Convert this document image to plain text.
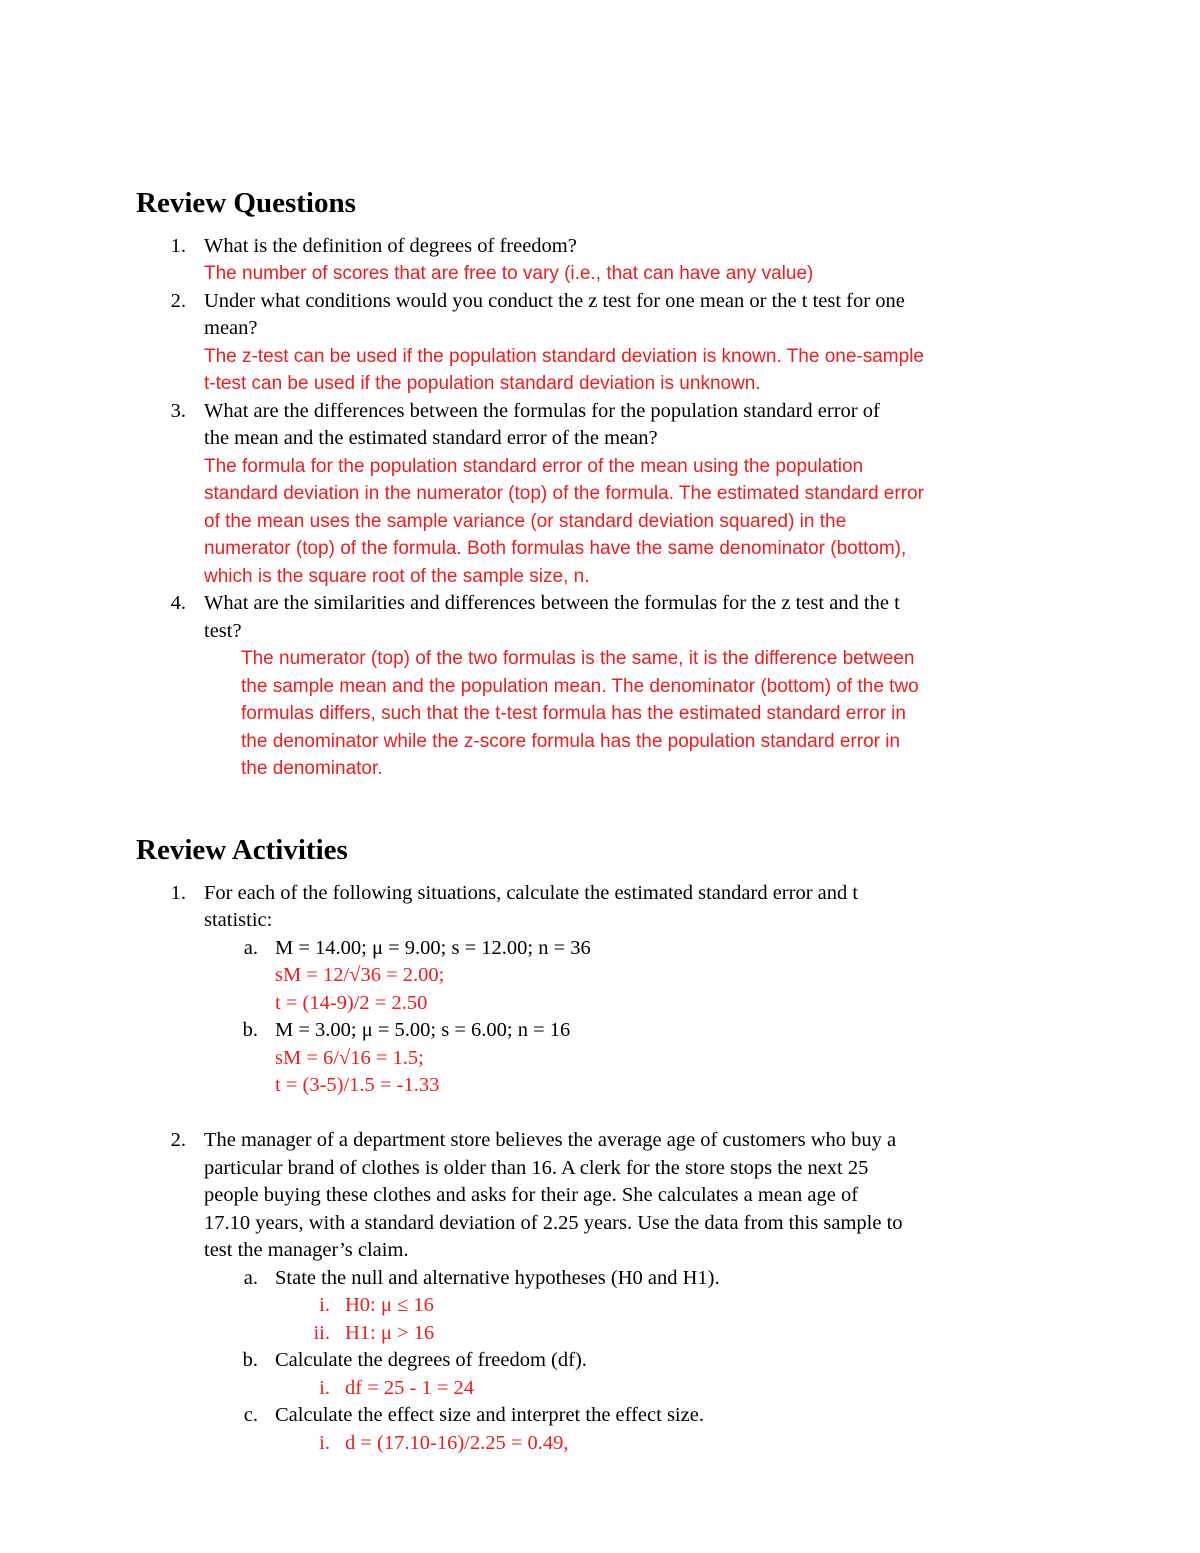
Review Questions
1. What is the definition of degrees of freedom?
The number of scores that are free to vary (i.e., that can have any value)
2. Under what conditions would you conduct the z test for one mean or the t test for one
mean?
The z-test can be used if the population standard deviation is known. The one-sample
t-test can be used if the population standard deviation is unknown.
3. What are the differences between the formulas for the population standard error of
the mean and the estimated standard error of the mean?
The formula for the population standard error of the mean using the population
standard deviation in the numerator (top) of the formula. The estimated standard error
of the mean uses the sample variance (or standard deviation squared) in the
numerator (top) of the formula. Both formulas have the same denominator (bottom),
which is the square root of the sample size, n.
4. What are the similarities and differences between the formulas for the z test and the t
test?
The numerator (top) of the two formulas is the same, it is the difference between
the sample mean and the population mean. The denominator (bottom) of the two
formulas differs, such that the t-test formula has the estimated standard error in
the denominator while the z-score formula has the population standard error in
the denominator.
Review Activities
1. For each of the following situations, calculate the estimated standard error and t
statistic:
a. M = 14.00; μ = 9.00; s = 12.00; n = 36
sM = 12/√36 = 2.00;
t = (14-9)/2 = 2.50
b. M = 3.00; μ = 5.00; s = 6.00; n = 16
sM = 6/√16 = 1.5;
t = (3-5)/1.5 = -1.33
2. The manager of a department store believes the average age of customers who buy a
particular brand of clothes is older than 16. A clerk for the store stops the next 25
people buying these clothes and asks for their age. She calculates a mean age of
17.10 years, with a standard deviation of 2.25 years. Use the data from this sample to
test the manager’s claim.
a. State the null and alternative hypotheses (H0 and H1).
i. H0: μ ≤ 16
ii. H1: μ > 16
b. Calculate the degrees of freedom (df).
i. df = 25 - 1 = 24
c. Calculate the effect size and interpret the effect size.
i. d = (17.10-16)/2.25 = 0.49,
